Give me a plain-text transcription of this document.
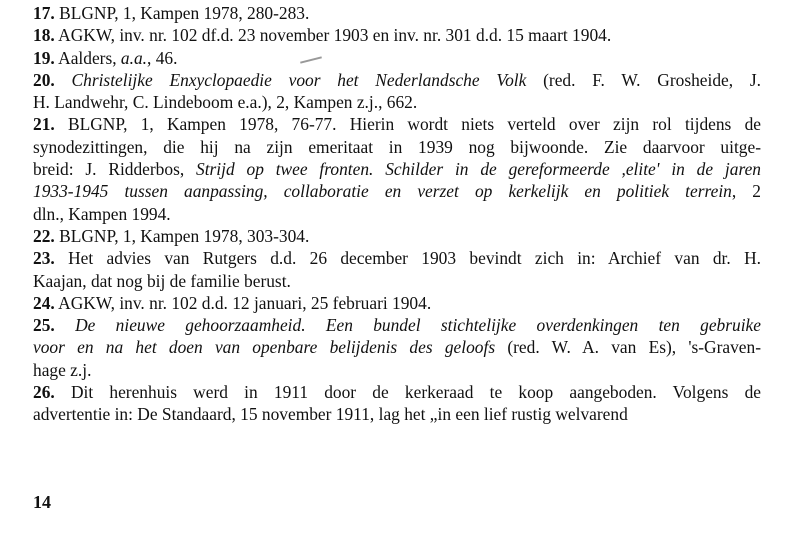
17. BLGNP, 1, Kampen 1978, 280-283.
18. AGKW, inv. nr. 102 df.d. 23 november 1903 en inv. nr. 301 d.d. 15 maart 1904.
19. Aalders, a.a., 46.
20. Christelijke Enxyclopaedie voor het Nederlandsche Volk (red. F. W. Grosheide, J.
H. Landwehr, C. Lindeboom e.a.), 2, Kampen z.j., 662.
21. BLGNP, 1, Kampen 1978, 76-77. Hierin wordt niets verteld over zijn rol tijdens de
synodezittingen, die hij na zijn emeritaat in 1939 nog bijwoonde. Zie daarvoor uitge-
breid: J. Ridderbos, Strijd op twee fronten. Schilder in de gereformeerde ,elite' in de jaren
1933-1945 tussen aanpassing, collaboratie en verzet op kerkelijk en politiek terrein, 2
dln., Kampen 1994.
22. BLGNP, 1, Kampen 1978, 303-304.
23. Het advies van Rutgers d.d. 26 december 1903 bevindt zich in: Archief van dr. H.
Kaajan, dat nog bij de familie berust.
24. AGKW, inv. nr. 102 d.d. 12 januari, 25 februari 1904.
25. De nieuwe gehoorzaamheid. Een bundel stichtelijke overdenkingen ten gebruike
voor en na het doen van openbare belijdenis des geloofs (red. W. A. van Es), 's-Graven-
hage z.j.
26. Dit herenhuis werd in 1911 door de kerkeraad te koop aangeboden. Volgens de
advertentie in: De Standaard, 15 november 1911, lag het „in een lief rustig welvarend
14
